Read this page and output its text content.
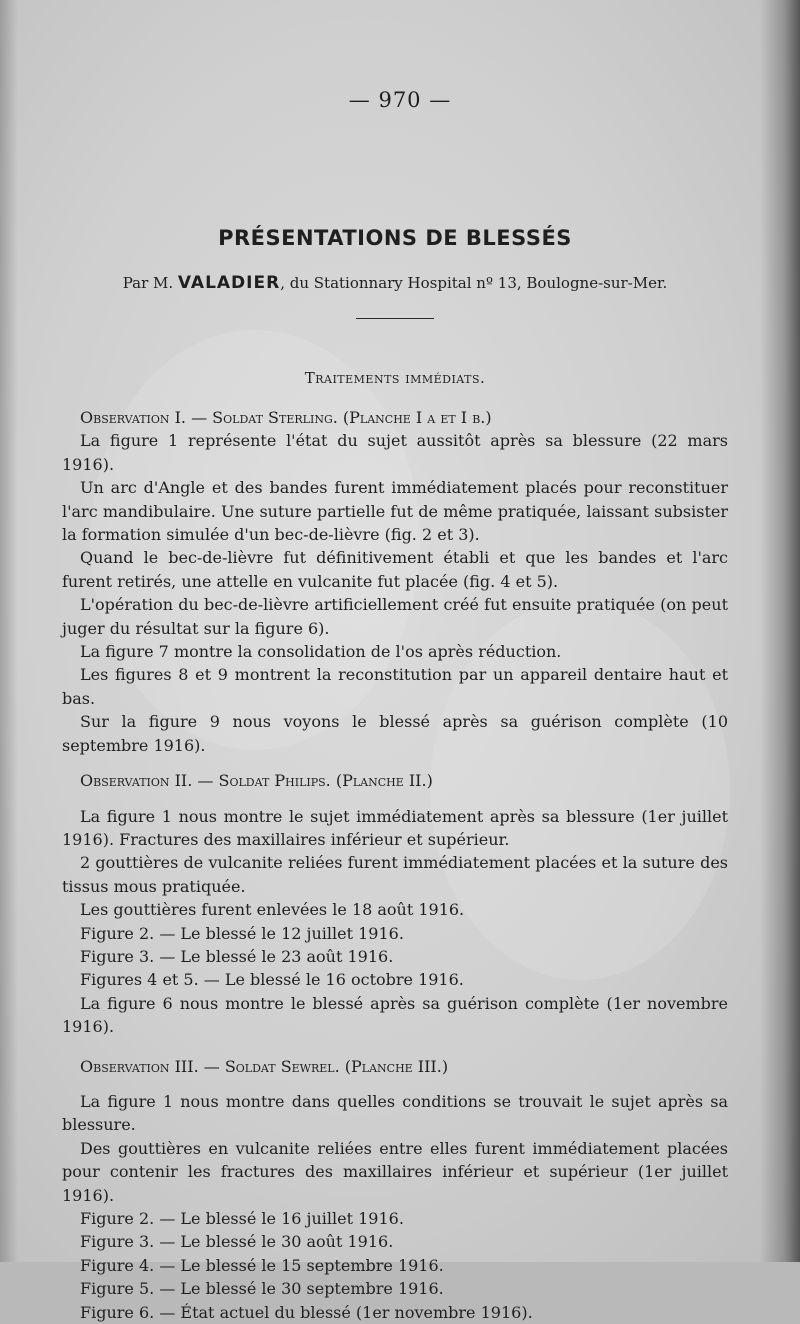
— 970 —
PRÉSENTATIONS DE BLESSÉS
Par M. VALADIER, du Stationnary Hospital nº 13, Boulogne-sur-Mer.
Traitements immédiats.

Observation I. — Soldat Sterling. (Planche I a et I b.)

La figure 1 représente l'état du sujet aussitôt après sa blessure (22 mars 1916).

Un arc d'Angle et des bandes furent immédiatement placés pour reconstituer l'arc mandibulaire. Une suture partielle fut de même pratiquée, laissant subsister la formation simulée d'un bec-de-lièvre (fig. 2 et 3).

Quand le bec-de-lièvre fut définitivement établi et que les bandes et l'arc furent retirés, une attelle en vulcanite fut placée (fig. 4 et 5).

L'opération du bec-de-lièvre artificiellement créé fut ensuite pratiquée (on peut juger du résultat sur la figure 6).

La figure 7 montre la consolidation de l'os après réduction.

Les figures 8 et 9 montrent la reconstitution par un appareil dentaire haut et bas.

Sur la figure 9 nous voyons le blessé après sa guérison complète (10 septembre 1916).

Observation II. — Soldat Philips. (Planche II.)

La figure 1 nous montre le sujet immédiatement après sa blessure (1er juillet 1916). Fractures des maxillaires inférieur et supérieur.

2 gouttières de vulcanite reliées furent immédiatement placées et la suture des tissus mous pratiquée.

Les gouttières furent enlevées le 18 août 1916.

Figure 2. — Le blessé le 12 juillet 1916.

Figure 3. — Le blessé le 23 août 1916.

Figures 4 et 5. — Le blessé le 16 octobre 1916.

La figure 6 nous montre le blessé après sa guérison complète (1er novembre 1916).

Observation III. — Soldat Sewrel. (Planche III.)

La figure 1 nous montre dans quelles conditions se trouvait le sujet après sa blessure.

Des gouttières en vulcanite reliées entre elles furent immédiatement placées pour contenir les fractures des maxillaires inférieur et supérieur (1er juillet 1916).

Figure 2. — Le blessé le 16 juillet 1916.

Figure 3. — Le blessé le 30 août 1916.

Figure 4. — Le blessé le 15 septembre 1916.

Figure 5. — Le blessé le 30 septembre 1916.

Figure 6. — État actuel du blessé (1er novembre 1916).
